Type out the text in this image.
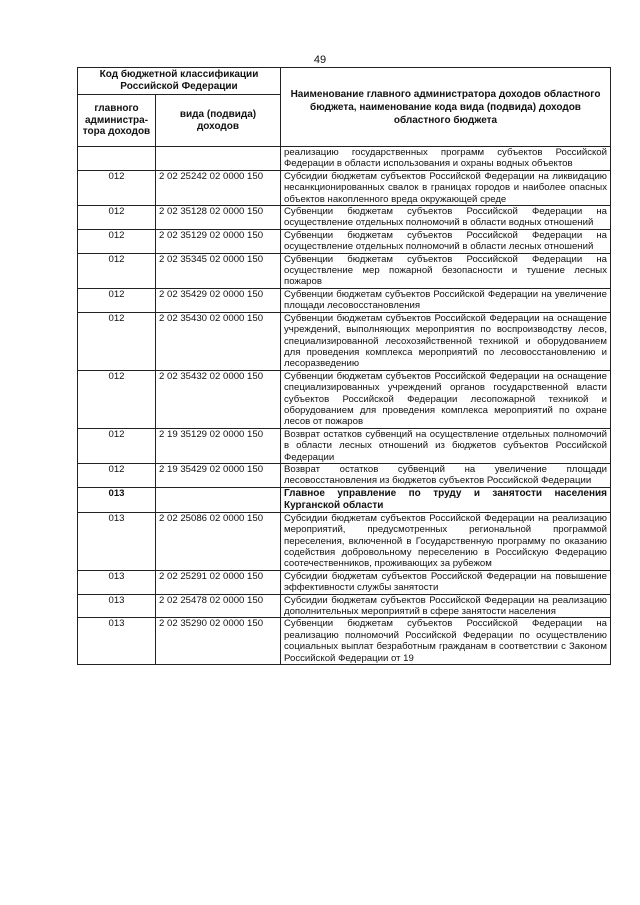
49
Код бюджетной классификации Российской Федерации		Наименование главного администратора доходов областного бюджета, наименование кода вида (подвида) доходов областного бюджета
главного администра-тора доходов	вида (подвида) доходов	
		реализацию государственных программ субъектов Российской Федерации в области использования и охраны водных объектов
012	2 02 25242 02 0000 150	Субсидии бюджетам субъектов Российской Федерации на ликвидацию несанкционированных свалок в границах городов и наиболее опасных объектов накопленного вреда окружающей среде
012	2 02 35128 02 0000 150	Субвенции бюджетам субъектов Российской Федерации на осуществление отдельных полномочий в области водных отношений
012	2 02 35129 02 0000 150	Субвенции бюджетам субъектов Российской Федерации на осуществление отдельных полномочий в области лесных отношений
012	2 02 35345 02 0000 150	Субвенции бюджетам субъектов Российской Федерации на осуществление мер пожарной безопасности и тушение лесных пожаров
012	2 02 35429 02 0000 150	Субвенции бюджетам субъектов Российской Федерации на увеличение площади лесовосстановления
012	2 02 35430 02 0000 150	Субвенции бюджетам субъектов Российской Федерации на оснащение учреждений, выполняющих мероприятия по воспроизводству лесов, специализированной лесохозяйственной техникой и оборудованием для проведения комплекса мероприятий по лесовосстановлению и лесоразведению
012	2 02 35432 02 0000 150	Субвенции бюджетам субъектов Российской Федерации на оснащение специализированных учреждений органов государственной власти субъектов Российской Федерации лесопожарной техникой и оборудованием для проведения комплекса мероприятий по охране лесов от пожаров
012	2 19 35129 02 0000 150	Возврат остатков субвенций на осуществление отдельных полномочий в области лесных отношений из бюджетов субъектов Российской Федерации
012	2 19 35429 02 0000 150	Возврат остатков субвенций на увеличение площади лесовосстановления из бюджетов субъектов Российской Федерации
013		Главное управление по труду и занятости населения Курганской области
013	2 02 25086 02 0000 150	Субсидии бюджетам субъектов Российской Федерации на реализацию мероприятий, предусмотренных региональной программой переселения, включенной в Государственную программу по оказанию содействия добровольному переселению в Российскую Федерацию соотечественников, проживающих за рубежом
013	2 02 25291 02 0000 150	Субсидии бюджетам субъектов Российской Федерации на повышение эффективности службы занятости
013	2 02 25478 02 0000 150	Субсидии бюджетам субъектов Российской Федерации на реализацию дополнительных мероприятий в сфере занятости населения
013	2 02 35290 02 0000 150	Субвенции бюджетам субъектов Российской Федерации на реализацию полномочий Российской Федерации по осуществлению социальных выплат безработным гражданам в соответствии с Законом Российской Федерации от 19
